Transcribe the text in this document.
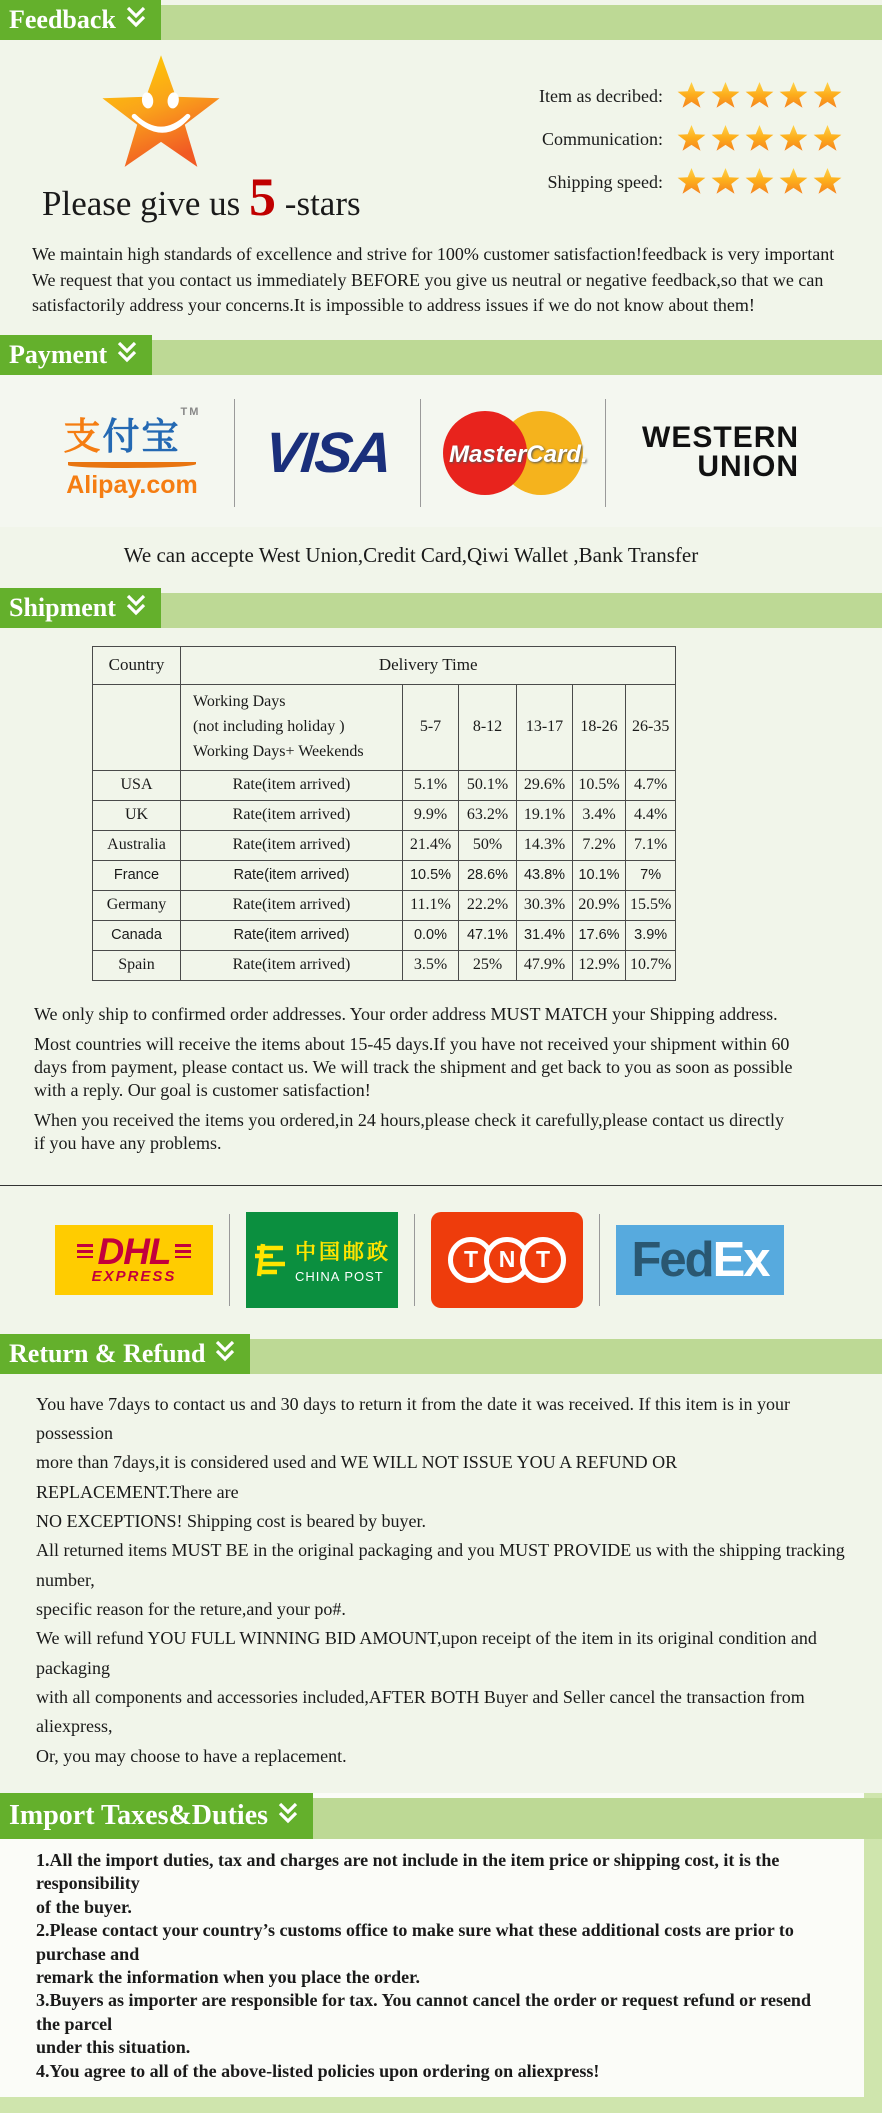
Feedback
Please give us 5 -stars
Item as decribed:
Communication:
Shipping speed:
We maintain high standards of excellence and strive for 100% customer satisfaction!feedback is very important
We request that you contact us immediately BEFORE you give us neutral or negative feedback,so that we can
satisfactorily address your concerns.It is impossible to address issues if we do not know about them!
Payment
支付宝™
Alipay.com VISA	MasterCard. WESTERN
UNION
We can accepte West Union,Credit Card,Qiwi Wallet ,Bank Transfer
Shipment
Country	Delivery Time					

	Working Days
(not including holiday )
Working Days+ Weekends	5-7	8-12	13-17	18-26	26-35
USA	Rate(item arrived)	5.1%	50.1%	29.6%	10.5%	4.7%
UK	Rate(item arrived)	9.9%	63.2%	19.1%	3.4%	4.4%
Australia	Rate(item arrived)	21.4%	50%	14.3%	7.2%	7.1%
France	Rate(item arrived)	10.5%	28.6%	43.8%	10.1%	7%
Germany	Rate(item arrived)	11.1%	22.2%	30.3%	20.9%	15.5%
Canada	Rate(item arrived)	0.0%	47.1%	31.4%	17.6%	3.9%
Spain	Rate(item arrived)	3.5%	25%	47.9%	12.9%	10.7%
We only ship to confirmed order addresses. Your order address MUST MATCH your Shipping address.
Most countries will receive the items about 15-45 days.If you have not received your shipment within 60
days from payment, please contact us. We will track the shipment and get back to you as soon as possible
with a reply. Our goal is customer satisfaction!
When you received the items you ordered,in 24 hours,please check it carefully,please contact us directly
if you have any problems.
DHL
EXPRESS
中国邮政
CHINA POST
T N T	Fed Ex
Return & Refund
You have 7days to contact us and 30 days to return it from the date it was received. If this item is in your possession
more than 7days,it is considered used and WE WILL NOT ISSUE YOU A REFUND OR REPLACEMENT.There are
NO EXCEPTIONS! Shipping cost is beared by buyer.
All returned items MUST BE in the original packaging and you MUST PROVIDE us with the shipping tracking number,
specific reason for the reture,and your po#.
We will refund YOU FULL WINNING BID AMOUNT,upon receipt of the item in its original condition and packaging
with all components and accessories included,AFTER BOTH Buyer and Seller cancel the transaction from aliexpress,
Or, you may choose to have a replacement.
Import Taxes&Duties
1.All the import duties, tax and charges are not include in the item price or shipping cost, it is the responsibility
of the buyer.
2.Please contact your country’s customs office to make sure what these additional costs are prior to purchase and
remark the information when you place the order.
3.Buyers as importer are responsible for tax. You cannot cancel the order or request refund or resend the parcel
under this situation.
4.You agree to all of the above-listed policies upon ordering on aliexpress!
